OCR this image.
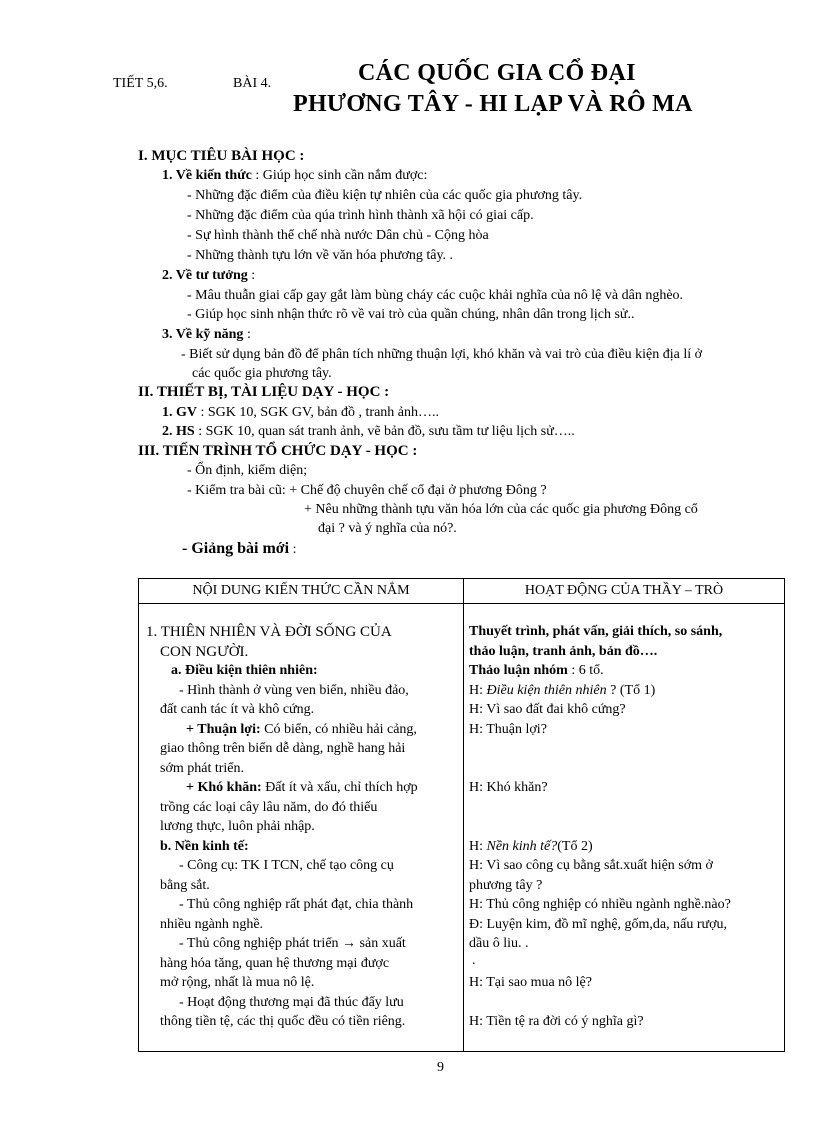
TIẾT 5,6.	BÀI 4.	CÁC QUỐC GIA CỔ ĐẠI
PHƯƠNG TÂY - HI LẠP VÀ RÔ MA
I. MỤC TIÊU BÀI HỌC :
1. Về kiến thức : Giúp học sinh cần nắm được:
- Những đặc điểm của điều kiện tự nhiên của các quốc gia phương tây.
- Những đặc điểm của qúa trình hình thành xã hội có giai cấp.
- Sự hình thành thể chế nhà nước Dân chủ - Cộng hòa
- Những thành tựu lớn về văn hóa phương tây. .
2. Về tư tưởng :
- Mâu thuẫn giai cấp gay gắt làm bùng cháy các cuộc khải nghĩa của nô lệ và dân nghèo.
- Giúp học sinh nhận thức rõ về vai trò của quần chúng, nhân dân trong lịch sử..
3. Về kỹ năng :
- Biết sử dụng bản đồ để phân tích những thuận lợi, khó khăn và vai trò của điều kiện địa lí ở
các quốc gia phương tây.
II. THIẾT BỊ, TÀI LIỆU DẠY - HỌC :
1. GV : SGK 10, SGK GV, bản đồ , tranh ảnh…..
2. HS : SGK 10, quan sát tranh ảnh, vẽ bản đồ, sưu tầm tư liệu lịch sử…..
III. TIẾN TRÌNH TỔ CHỨC DẠY - HỌC :
- Ổn định, kiểm diện;
- Kiểm tra bài cũ: + Chế độ chuyên chế cổ đại ở phương Đông ?
+ Nêu những thành tựu văn hóa lớn của các quốc gia phương Đông cổ
đại ? và ý nghĩa của nó?.
- Giảng bài mới :
NỘI DUNG KIẾN THỨC CẦN NẮM	HOẠT ĐỘNG CỦA THẦY – TRÒ
1. THIÊN NHIÊN VÀ ĐỜI SỐNG CỦA
CON NGƯỜI.
a. Điều kiện thiên nhiên:
- Hình thành ở vùng ven biển, nhiều đảo,
đất canh tác ít và khô cứng.
+ Thuận lợi: Có biển, có nhiều hải cảng,
giao thông trên biển dễ dàng, nghề hang hải
sớm phát triển.
+ Khó khăn: Đất ít và xấu, chỉ thích hợp
trồng các loại cây lâu năm, do đó thiếu
lương thực, luôn phải nhập.
b. Nền kinh tế:
- Công cụ: TK I TCN, chế tạo công cụ
bằng sắt.
- Thủ công nghiệp rất phát đạt, chia thành
nhiều ngành nghề.
- Thủ công nghiệp phát triển → sản xuất
hàng hóa tăng, quan hệ thương mại được
mở rộng, nhất là mua nô lệ.
- Hoạt động thương mại đã thúc đẩy lưu
thông tiền tệ, các thị quốc đều có tiền riêng.
Thuyết trình, phát vấn, giải thích, so sánh,
thảo luận, tranh ảnh, bản đồ….
Thảo luận nhóm : 6 tổ.
H: Điều kiện thiên nhiên ? (Tổ 1)
H: Vì sao đất đai khô cứng?
H: Thuận lợi?
H: Khó khăn?
H: Nền kinh tế?(Tổ 2)
H: Vì sao công cụ bằng sắt.xuất hiện sớm ở
phương tây ?
H: Thủ công nghiệp có nhiều ngành nghề.nào?
Đ: Luyện kim, đồ mĩ nghệ, gốm,da, nấu rượu,
dầu ô liu. .
.
H: Tại sao mua nô lệ?
H: Tiền tệ ra đời có ý nghĩa gì?
9
